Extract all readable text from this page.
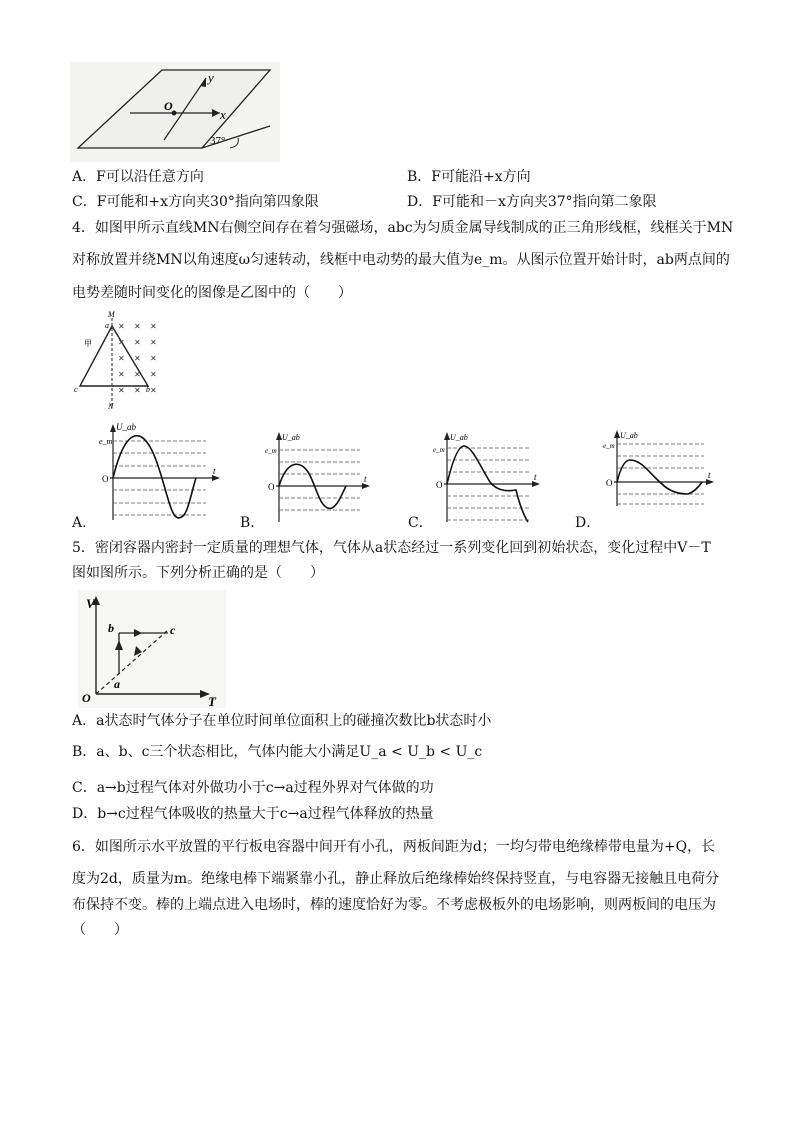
y
x
O
37°
A．F可以沿任意方向	B．F可能沿+x方向
C．F可能和+x方向夹30°指向第四象限	D．F可能和－x方向夹37°指向第二象限
4．如图甲所示直线MN右侧空间存在着匀强磁场，abc为匀质金属导线制成的正三角形线框，线框关于MN
对称放置并绕MN以角速度ω匀速转动，线框中电动势的最大值为e_m。从图示位置开始计时，ab两点间的
电势差随时间变化的图像是乙图中的（　　）
✕ ✕ ✕
✕ ✕ ✕
✕ ✕ ✕
✕ ✕ ✕
✕ ✕ ✕
M
N
a
b
c
甲
U_ab
e_m
O
t
A．
U_ab
e_m
O
t
B．
U_ab
e_m
O
t
C．
U_ab
e_m
O
t
D．
5．密闭容器内密封一定质量的理想气体，气体从a状态经过一系列变化回到初始状态，变化过程中V－T
图如图所示。下列分析正确的是（　　）
V
T
O
a
b	c
A．a状态时气体分子在单位时间单位面积上的碰撞次数比b状态时小
B．a、b、c三个状态相比，气体内能大小满足U_a < U_b < U_c
C．a→b过程气体对外做功小于c→a过程外界对气体做的功
D．b→c过程气体吸收的热量大于c→a过程气体释放的热量
6．如图所示水平放置的平行板电容器中间开有小孔，两板间距为d；一均匀带电绝缘棒带电量为+Q，长
度为2d，质量为m。绝缘电棒下端紧靠小孔，静止释放后绝缘棒始终保持竖直，与电容器无接触且电荷分
布保持不变。棒的上端点进入电场时，棒的速度恰好为零。不考虑极板外的电场影响，则两板间的电压为
（　　）
